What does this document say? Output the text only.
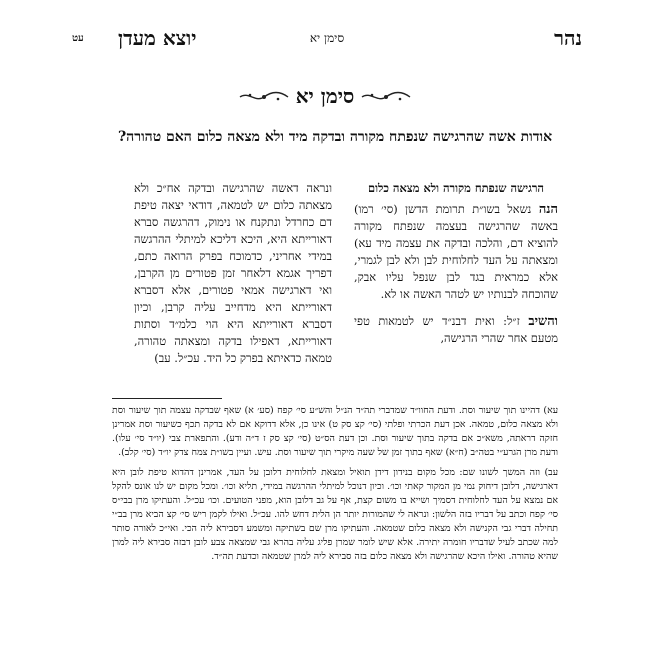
נהר
סימן יא
יוצא מעדן
עט
סימן יא
אודות אשה שהרגישה שנפתח מקורה ובדקה מיד ולא מצאה כלום האם טהורה?
הרגישה שנפתח מקורה ולא מצאה כלום

הנה נשאל בשו״ת תרומת הדשן (סי׳ רמו) באשה שהרגישה בעצמה שנפתח מקורה להוציא דם, והלכה ובדקה את עצמה מיד עא) ומצאתה על העד לחלוחית לבן ולא לבן לגמרי, אלא כמראית בגד לבן שנפל עליו אבק, שהוכחה לבנותיו יש לטהר האשה או לא.

והשיב ז״ל: ואית דבנ״ד יש לטמאות טפי מטעם אחר שהרי הרגישה,

ונראה דאשה שהרגישה ובדקה אח״כ ולא מצאתה כלום יש לטמאה, דודאי יצאה טיפת דם כחרדל ונתקנח או נימוק, דהרגשה סברא דאורייתא היא, היכא דליכא למיתלי ההרגשה במידי אחריני, כדמוכח בפרק הרואה כתם, דפריך אגמא דלאחר זמן פטורים מן הקרבן, ואי דארגישה אמאי פטורים, אלא דסברא דאורייתא היא מדחייב עליה קרבן, וכיון דסברא דאורייתא היא הוי כלמ״ד וסתות דאורייתא, דאפילו בדקה ומצאתה טהורה, טמאה כדאיתא בפרק כל היד. עכ״ל. עב)

עא) דהיינו תוך שיעור וסת. ודעת החוו״ד שמדברי תה״ד הנ״ל והש״ע סי׳ קפח (סע׳ א) שאף שבדקה עצמה תוך שיעור וסת ולא מצאה כלום, טמאה. אכן דעת הכרתי ופלתי (סי׳ קצ סק ט) אינו כן, אלא דדוקא אם לא בדקה תכף כשיעור וסת אמרינן חזקה דראתה, משא״כ אם בדקה בתוך שיעור וסת. וכן דעת הס״ט (סי׳ קצ סק ז ד״ה ודע). והתפארת צבי (יו״ד סי׳ עלו). ודעת מרן הגרע״י בטה״ב (ח״א) שאף בתוך זמן של שעה מיקרי תוך שיעור וסת. עיש. ועיין בשו״ת צמח צדק יו״ד (סי׳ קלב).

עב) וזה המשך לשונו שם: מכל מקום בנידון דידן תואיל ומצאת לחלוחית דלובן על העד, אמרינן דהדוא טיפת לובן היא דארגישה, דלובן דיחוק נמי מן המקור קאתי וכו׳. וכיון דנוכל למיתלי ההרגשה במידי, תליא וכו׳. ומכל מקום יש לנו אונס להקל אם נמצא על העד לחלוחית דסמיך ושייא בו משום קצת, אף על גב דלובן הוא, מפני הטועים. וכו׳ עכ״ל. והעתיקו מרן בבי״ס סי׳ קפח וכתב על דבריו בזה הלשון: ונראה לי שהמורות יותר הן הלית דחש להו. עכ״ל. ואילו לקמן ריש סי׳ קצ הביא מרן בב״י תחילה דברי גבי הקנישה ולא מצאה כלום שטמאה. והעתיקו מרן שם בשתיקה ומשמע דסבירא ליה הכי. ואי״כ לאורה סותר למה שכתב לעיל שדבריו חומרה יתירה. אלא שיש לומר שמרן פליג עליה בהרא גבי שמצאה צבע לובן דבזה סבירא ליה למרן שהיא טהורה. ואילו היכא שהרגישה ולא מצאה כלום בזה סבירא ליה למרן שטמאה וכדעת תה״ד.
